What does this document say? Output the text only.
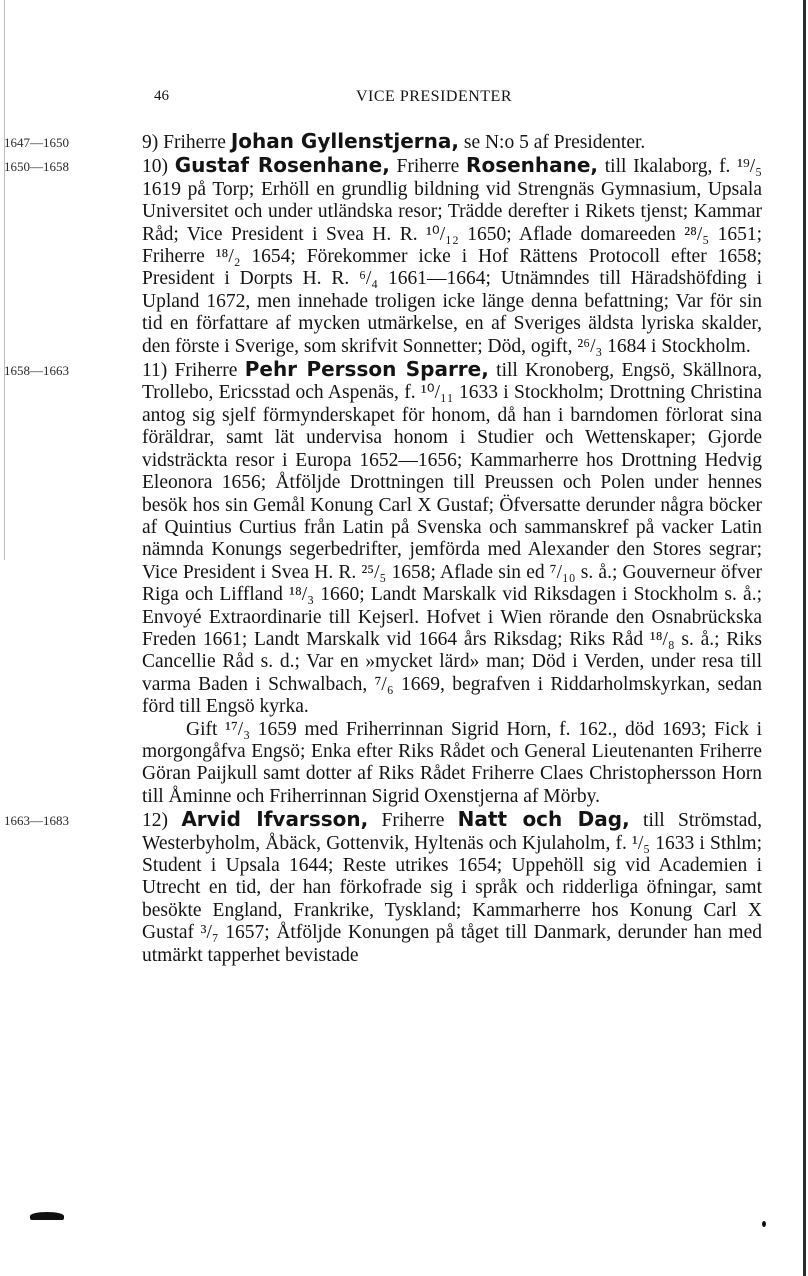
46	VICE PRESIDENTER
1647—1650	9) Friherre Johan Gyllenstjerna, se N:o 5 af Presidenter.

1650—1658	10) Gustaf Rosenhane, Friherre Rosenhane, till Ikalaborg, f. ¹⁹/₅ 1619 på Torp; Erhöll en grundlig bildning vid Strengnäs Gymnasium, Upsala Universitet och under utländska resor; Trädde derefter i Rikets tjenst; Kammar Råd; Vice President i Svea H. R. ¹⁰/₁₂ 1650; Aflade domareeden ²⁸/₅ 1651; Friherre ¹⁸/₂ 1654; Förekommer icke i Hof Rättens Protocoll efter 1658; President i Dorpts H. R. ⁶/₄ 1661—1664; Utnämndes till Häradshöfding i Upland 1672, men innehade troligen icke länge denna befattning; Var för sin tid en författare af mycken utmärkelse, en af Sveriges äldsta lyriska skalder, den förste i Sverige, som skrifvit Sonnetter; Död, ogift, ²⁶/₃ 1684 i Stockholm.

1658—1663	11) Friherre Pehr Persson Sparre, till Kronoberg, Engsö, Skällnora, Trollebo, Ericsstad och Aspenäs, f. ¹⁰/₁₁ 1633 i Stockholm; Drottning Christina antog sig sjelf förmynderskapet för honom, då han i barndomen förlorat sina föräldrar, samt lät undervisa honom i Studier och Wettenskaper; Gjorde vidsträckta resor i Europa 1652—1656; Kammarherre hos Drottning Hedvig Eleonora 1656; Åtföljde Drottningen till Preussen och Polen under hennes besök hos sin Gemål Konung Carl X Gustaf; Öfversatte derunder några böcker af Quintius Curtius från Latin på Svenska och sammanskref på vacker Latin nämnda Konungs segerbedrifter, jemförda med Alexander den Stores segrar; Vice President i Svea H. R. ²⁵/₅ 1658; Aflade sin ed ⁷/₁₀ s. å.; Gouverneur öfver Riga och Liffland ¹⁸/₃ 1660; Landt Marskalk vid Riksdagen i Stockholm s. å.; Envoyé Extraordinarie till Kejserl. Hofvet i Wien rörande den Osnabrückska Freden 1661; Landt Marskalk vid 1664 års Riksdag; Riks Råd ¹⁸/₈ s. å.; Riks Cancellie Råd s. d.; Var en »mycket lärd» man; Död i Verden, under resa till varma Baden i Schwalbach, ⁷/₆ 1669, begrafven i Riddarholmskyrkan, sedan förd till Engsö kyrka.

Gift ¹⁷/₃ 1659 med Friherrinnan Sigrid Horn, f. 162., död 1693; Fick i morgongåfva Engsö; Enka efter Riks Rådet och General Lieutenanten Friherre Göran Paijkull samt dotter af Riks Rådet Friherre Claes Christophersson Horn till Åminne och Friherrinnan Sigrid Oxenstjerna af Mörby.

1663—1683	12) Arvid Ifvarsson, Friherre Natt och Dag, till Strömstad, Westerbyholm, Åbäck, Gottenvik, Hyltenäs och Kjulaholm, f. ¹/₅ 1633 i Sthlm; Student i Upsala 1644; Reste utrikes 1654; Uppehöll sig vid Academien i Utrecht en tid, der han förkofrade sig i språk och ridderliga öfningar, samt besökte England, Frankrike, Tyskland; Kammarherre hos Konung Carl X Gustaf ³/₇ 1657; Åtföljde Konungen på tåget till Danmark, derunder han med utmärkt tapperhet bevistade
